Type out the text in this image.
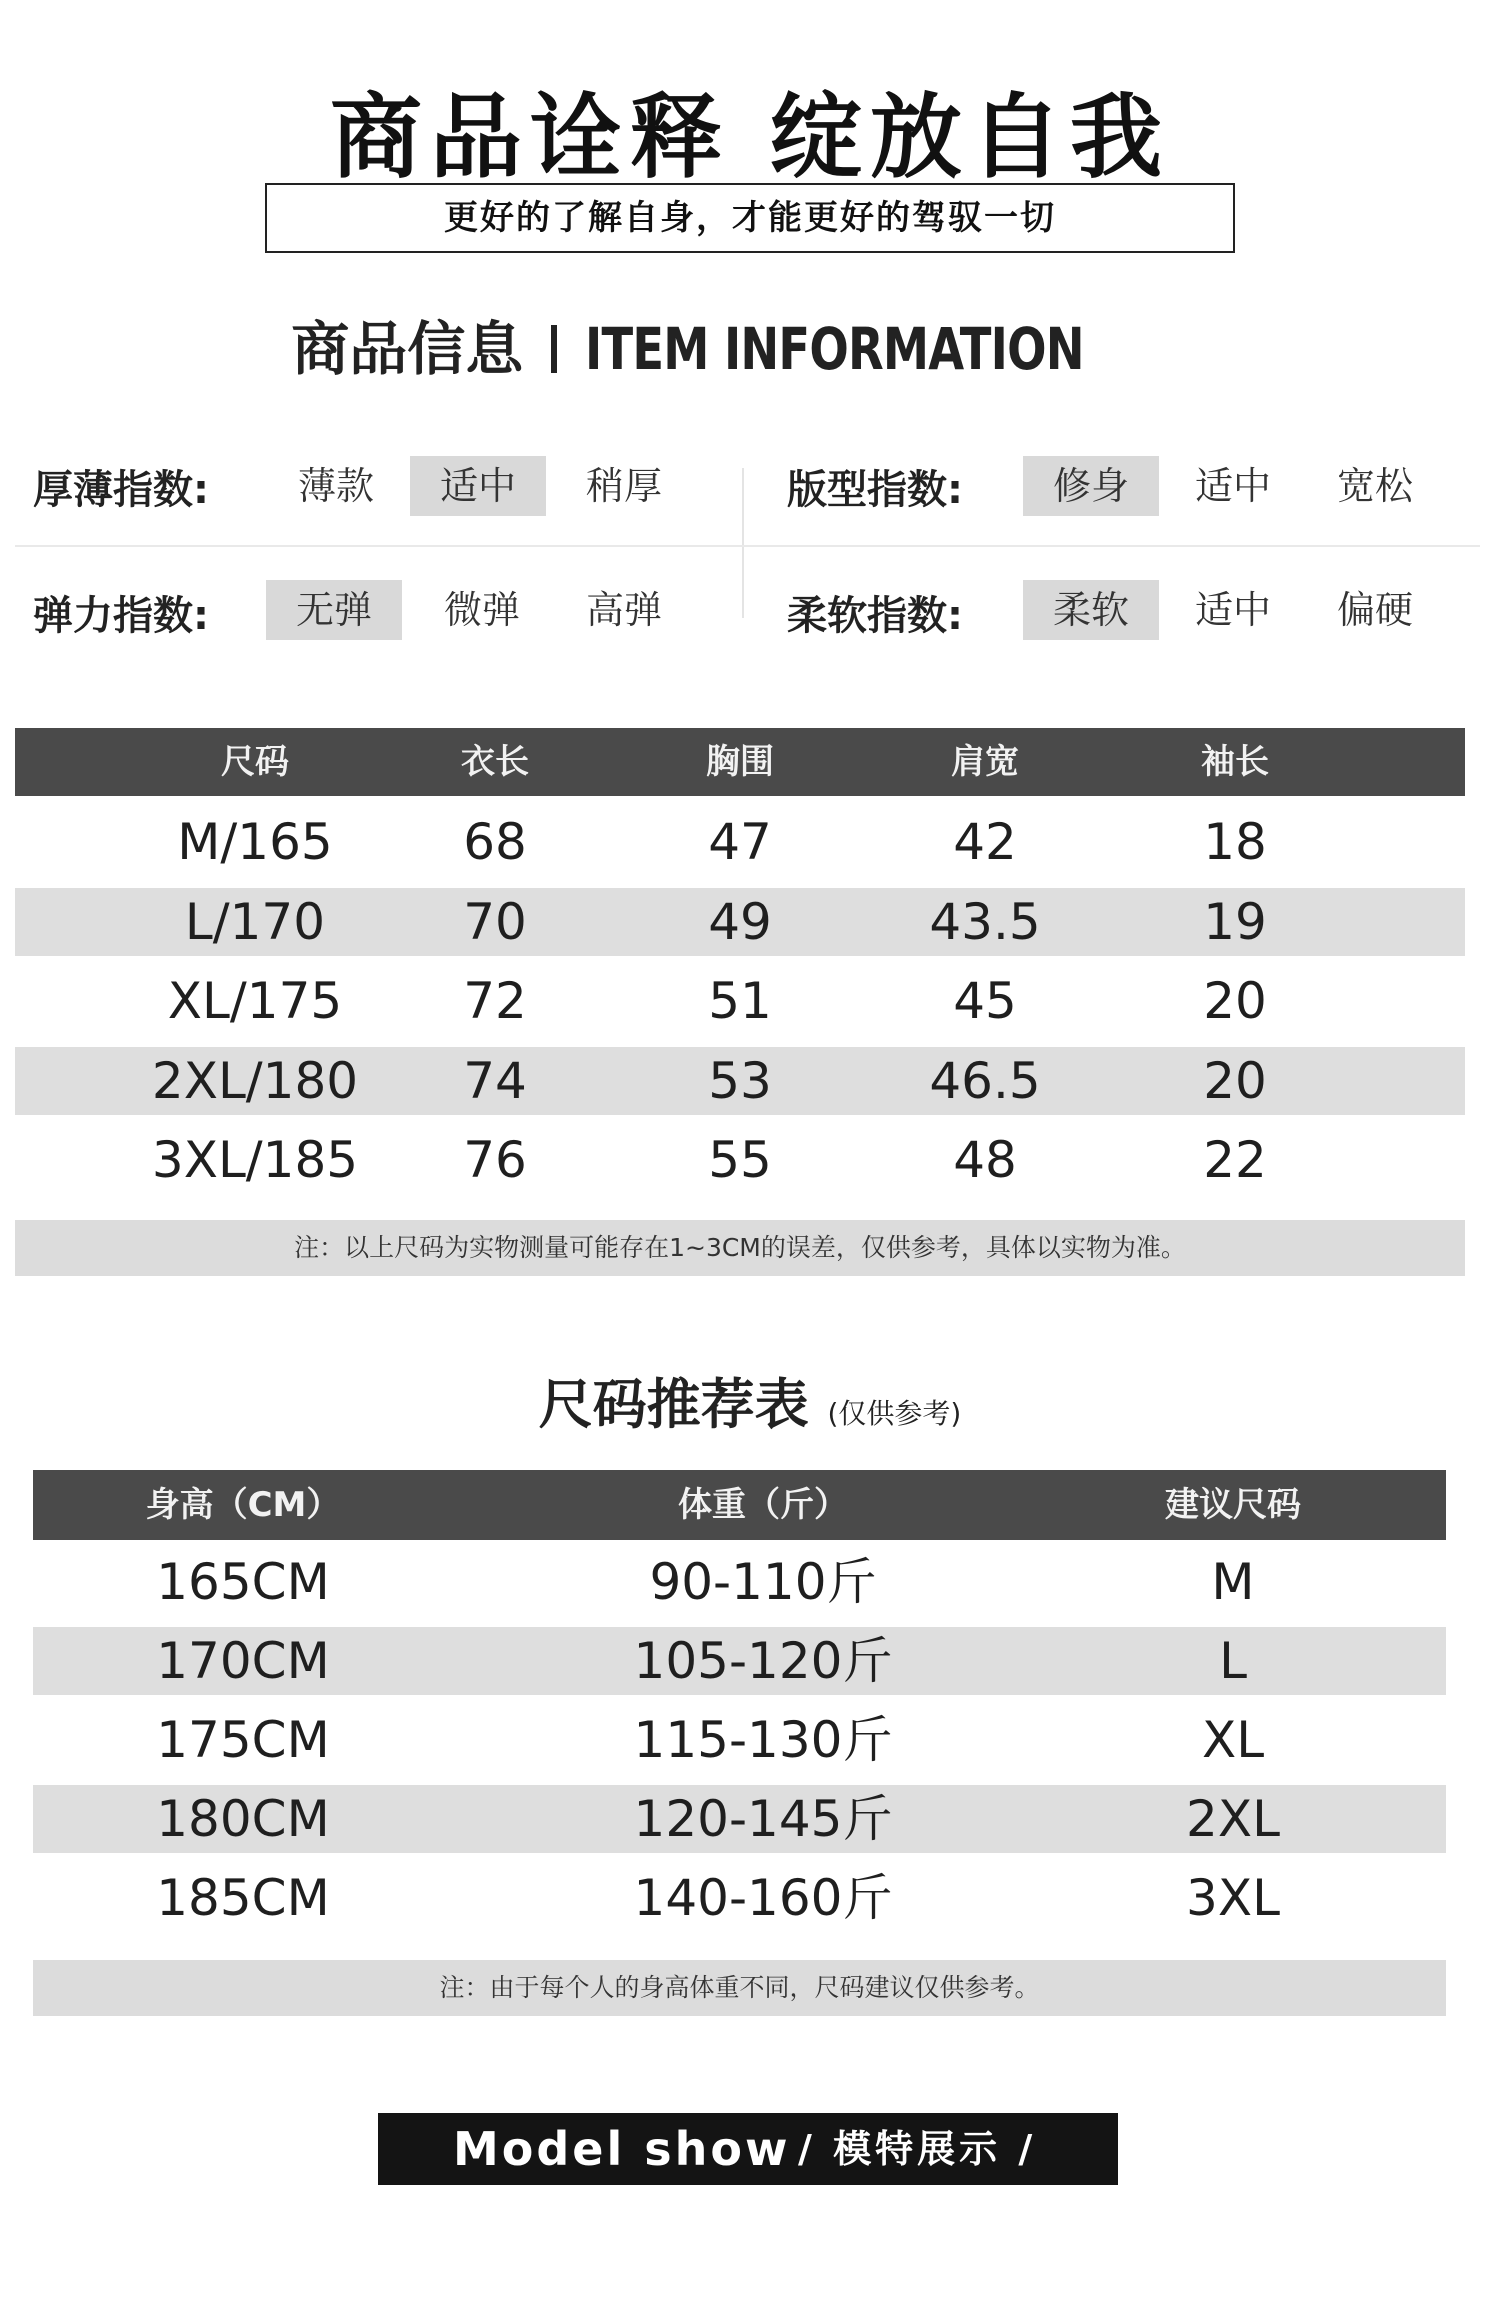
商品诠释 绽放自我
更好的了解自身，才能更好的驾驭一切
商品信息 ITEM INFORMATION
厚薄指数:	薄款	适中	稍厚	版型指数:	修身	适中	宽松
弹力指数:	无弹	微弹	高弹	柔软指数:	柔软	适中	偏硬
尺码	衣长	胸围	肩宽	袖长
M/165	68	47	42	18
L/170	70	49	43.5	19
XL/175	72	51	45	20
2XL/180	74	53	46.5	20
3XL/185	76	55	48	22
注：以上尺码为实物测量可能存在1~3CM的误差，仅供参考，具体以实物为准。
尺码推荐表 (仅供参考)
身高（CM）	体重（斤）	建议尺码
165CM	90-110斤	M
170CM	105-120斤	L
175CM	115-130斤	XL
180CM	120-145斤	2XL
185CM	140-160斤	3XL
注：由于每个人的身高体重不同，尺码建议仅供参考。
Model show / 模特展示 /
